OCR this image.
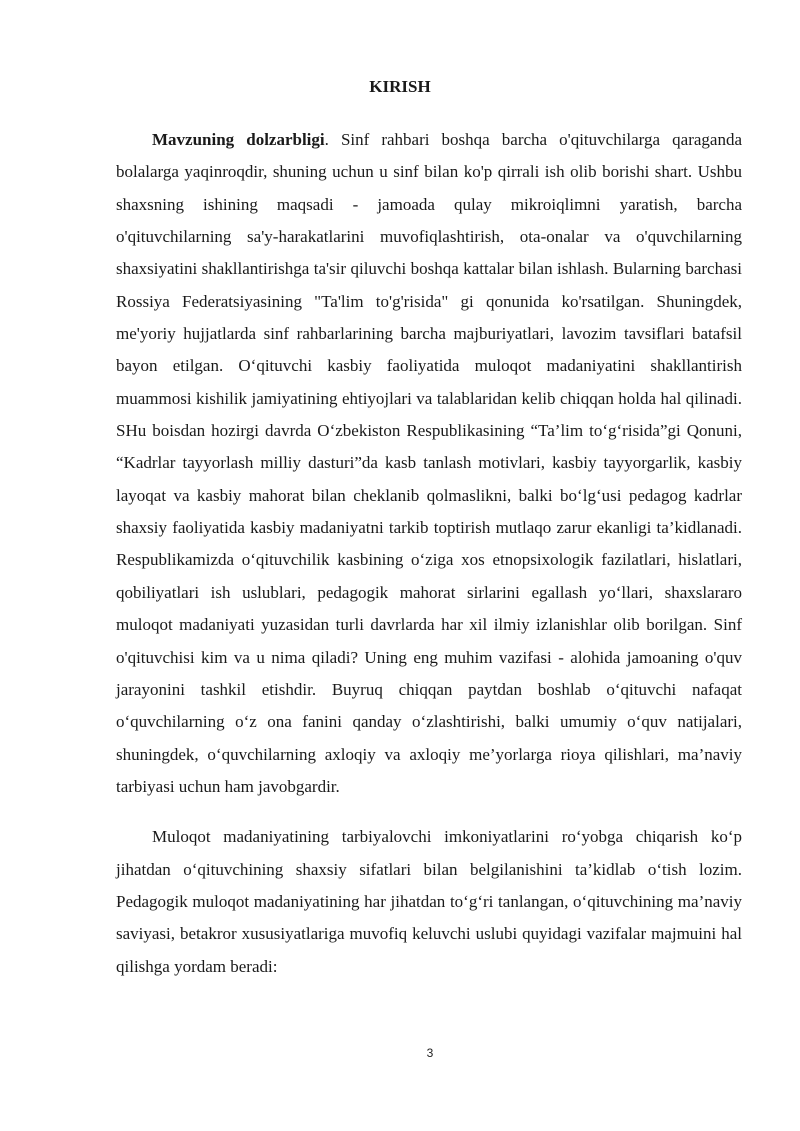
KIRISH

Mavzuning dolzarbligi. Sinf rahbari boshqa barcha o'qituvchilarga qaraganda bolalarga yaqinroqdir, shuning uchun u sinf bilan ko'p qirrali ish olib borishi shart. Ushbu shaxsning ishining maqsadi - jamoada qulay mikroiqlimni yaratish, barcha o'qituvchilarning sa'y-harakatlarini muvofiqlashtirish, ota-onalar va o'quvchilarning shaxsiyatini shakllantirishga ta'sir qiluvchi boshqa kattalar bilan ishlash. Bularning barchasi Rossiya Federatsiyasining "Ta'lim to'g'risida" gi qonunida ko'rsatilgan. Shuningdek, me'yoriy hujjatlarda sinf rahbarlarining barcha majburiyatlari, lavozim tavsiflari batafsil bayon etilgan. O‘qituvchi kasbiy faoliyatida muloqot madaniyatini shakllantirish muammosi kishilik jamiyatining ehtiyojlari va talablaridan kelib chiqqan holda hal qilinadi. SHu boisdan hozirgi davrda O‘zbekiston Respublikasining “Ta’lim to‘g‘risida”gi Qonuni, “Kadrlar tayyorlash milliy dasturi”da kasb tanlash motivlari, kasbiy tayyorgarlik, kasbiy layoqat va kasbiy mahorat bilan cheklanib qolmaslikni, balki bo‘lg‘usi pedagog kadrlar shaxsiy faoliyatida kasbiy madaniyatni tarkib toptirish mutlaqo zarur ekanligi ta’kidlanadi. Respublikamizda o‘qituvchilik kasbining o‘ziga xos etnopsixologik fazilatlari, hislatlari, qobiliyatlari ish uslublari, pedagogik mahorat sirlarini egallash yo‘llari, shaxslararo muloqot madaniyati yuzasidan turli davrlarda har xil ilmiy izlanishlar olib borilgan. Sinf o'qituvchisi kim va u nima qiladi? Uning eng muhim vazifasi - alohida jamoaning o'quv jarayonini tashkil etishdir. Buyruq chiqqan paytdan boshlab o‘qituvchi nafaqat o‘quvchilarning o‘z ona fanini qanday o‘zlashtirishi, balki umumiy o‘quv natijalari, shuningdek, o‘quvchilarning axloqiy va axloqiy me’yorlarga rioya qilishlari, ma’naviy tarbiyasi uchun ham javobgardir.

Muloqot madaniyatining tarbiyalovchi imkoniyatlarini ro‘yobga chiqarish ko‘p jihatdan o‘qituvchining shaxsiy sifatlari bilan belgilanishini ta’kidlab o‘tish lozim. Pedagogik muloqot madaniyatining har jihatdan to‘g‘ri tanlangan, o‘qituvchining ma’naviy saviyasi, betakror xususiyatlariga muvofiq keluvchi uslubi quyidagi vazifalar majmuini hal qilishga yordam beradi:

3
